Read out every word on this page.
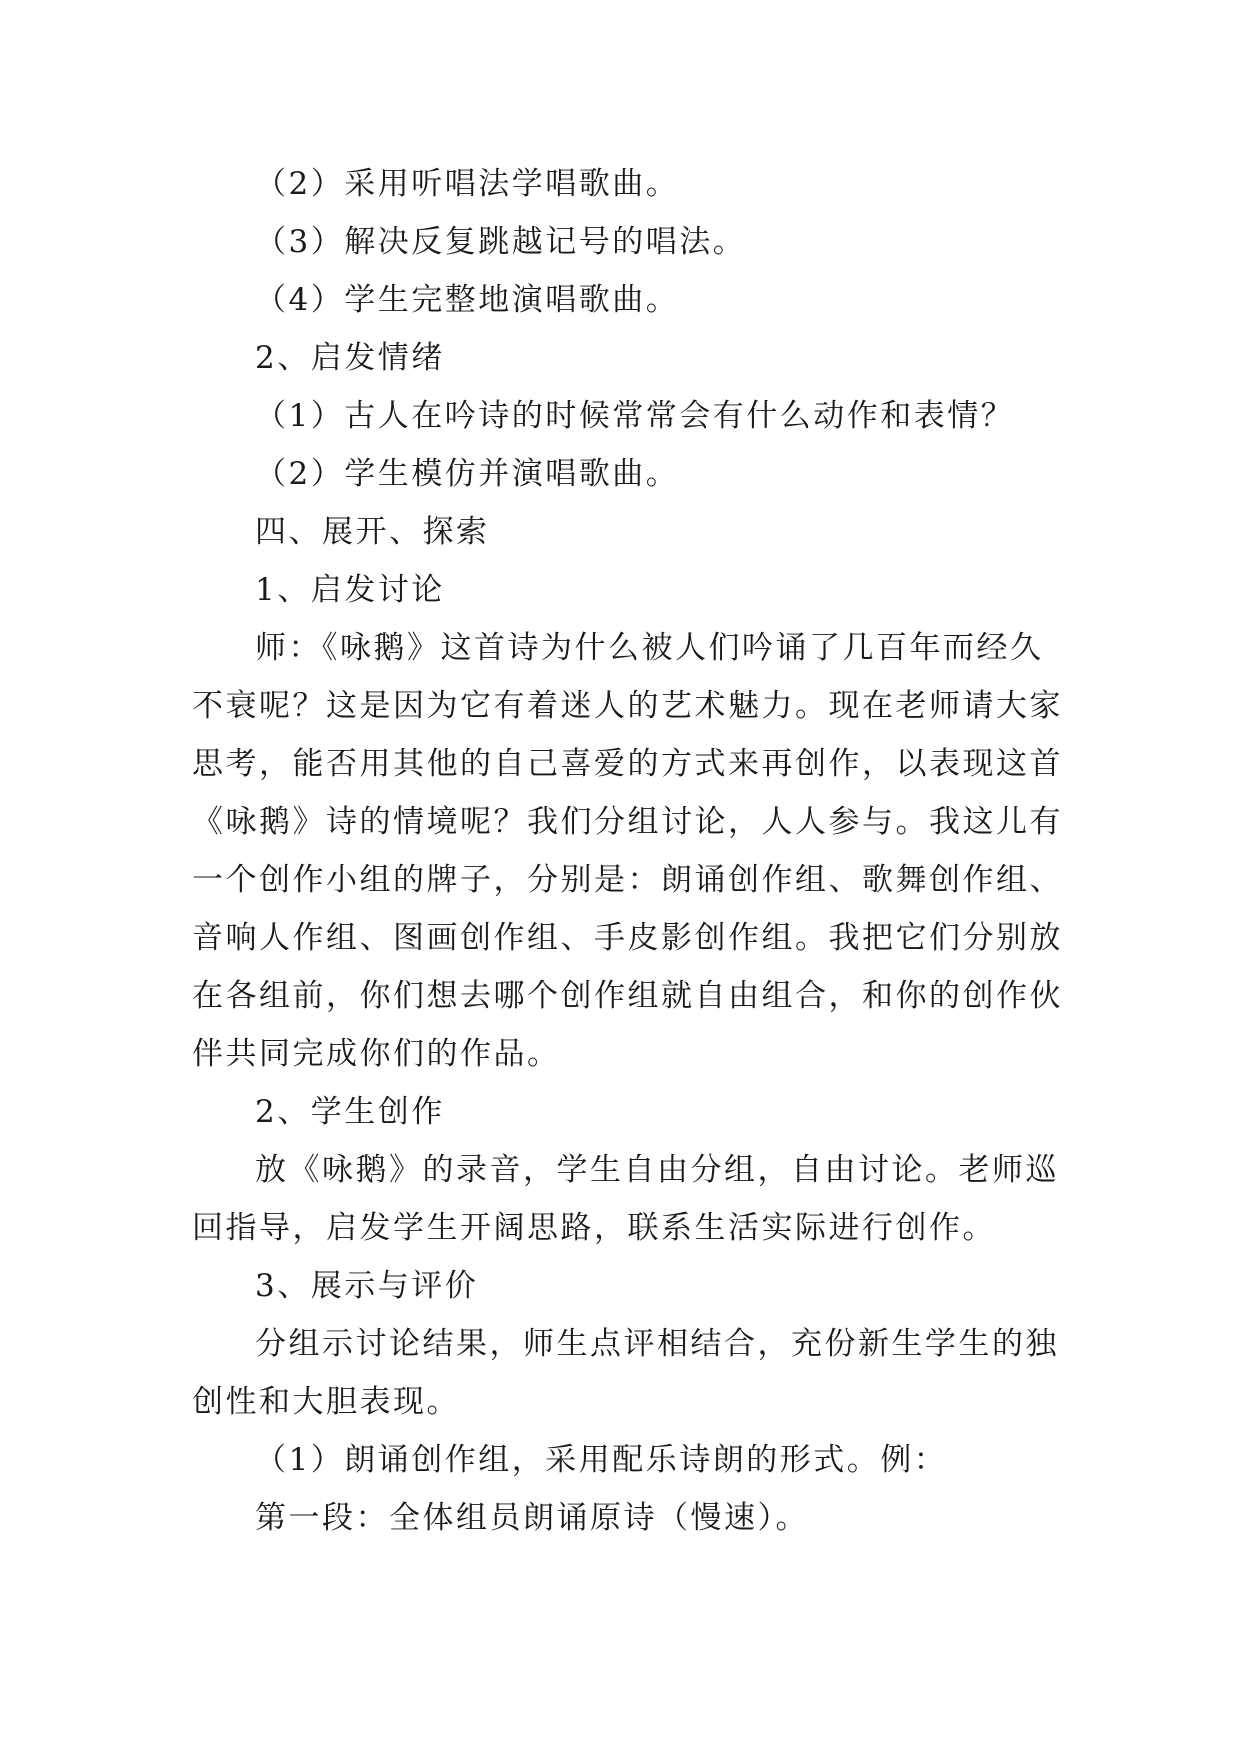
（2）采用听唱法学唱歌曲。
（3）解决反复跳越记号的唱法。
（4）学生完整地演唱歌曲。
2、启发情绪
（1）古人在吟诗的时候常常会有什么动作和表情？
（2）学生模仿并演唱歌曲。
四、展开、探索
1、启发讨论
师：《咏鹅》这首诗为什么被人们吟诵了几百年而经久
不衰呢？这是因为它有着迷人的艺术魅力。现在老师请大家
思考，能否用其他的自己喜爱的方式来再创作，以表现这首
《咏鹅》诗的情境呢？我们分组讨论，人人参与。我这儿有
一个创作小组的牌子，分别是：朗诵创作组、歌舞创作组、
音响人作组、图画创作组、手皮影创作组。我把它们分别放
在各组前，你们想去哪个创作组就自由组合，和你的创作伙
伴共同完成你们的作品。
2、学生创作
放《咏鹅》的录音，学生自由分组，自由讨论。老师巡
回指导，启发学生开阔思路，联系生活实际进行创作。
3、展示与评价
分组示讨论结果，师生点评相结合，充份新生学生的独
创性和大胆表现。
（1）朗诵创作组，采用配乐诗朗的形式。例：
第一段：全体组员朗诵原诗（慢速）。
